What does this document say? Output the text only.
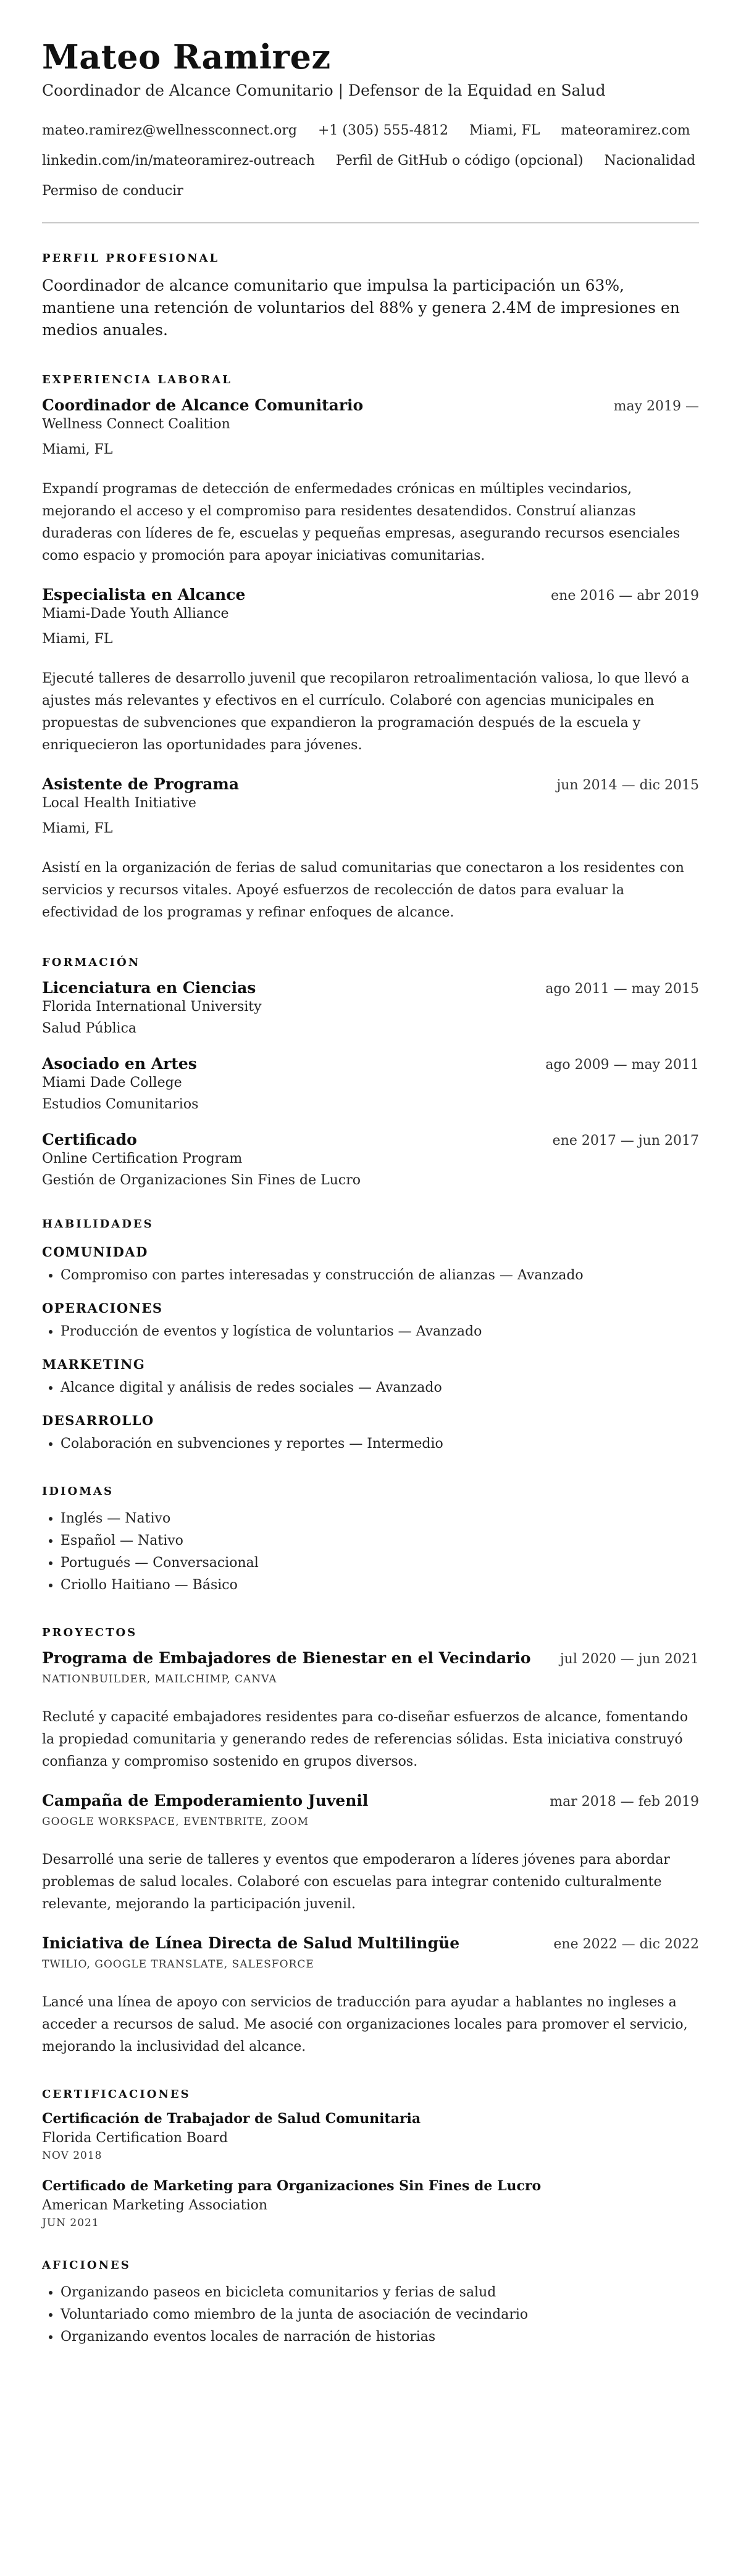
Mateo Ramirez
Coordinador de Alcance Comunitario | Defensor de la Equidad en Salud
mateo.ramirez@wellnessconnect.org +1 (305) 555-4812 Miami, FL mateoramirez.com
linkedin.com/in/mateoramirez-outreach Perfil de GitHub o código (opcional) Nacionalidad
Permiso de conducir
PERFIL PROFESIONAL
Coordinador de alcance comunitario que impulsa la participación un 63%, mantiene una retención de voluntarios del 88% y genera 2.4M de impresiones en medios anuales.
EXPERIENCIA LABORAL
Coordinador de Alcance Comunitario	may 2019 —
Wellness Connect Coalition
Miami, FL
Expandí programas de detección de enfermedades crónicas en múltiples vecindarios, mejorando el acceso y el compromiso para residentes desatendidos. Construí alianzas duraderas con líderes de fe, escuelas y pequeñas empresas, asegurando recursos esenciales como espacio y promoción para apoyar iniciativas comunitarias.
Especialista en Alcance	ene 2016 — abr 2019
Miami-Dade Youth Alliance
Miami, FL
Ejecuté talleres de desarrollo juvenil que recopilaron retroalimentación valiosa, lo que llevó a ajustes más relevantes y efectivos en el currículo. Colaboré con agencias municipales en propuestas de subvenciones que expandieron la programación después de la escuela y enriquecieron las oportunidades para jóvenes.
Asistente de Programa	jun 2014 — dic 2015
Local Health Initiative
Miami, FL
Asistí en la organización de ferias de salud comunitarias que conectaron a los residentes con servicios y recursos vitales. Apoyé esfuerzos de recolección de datos para evaluar la efectividad de los programas y refinar enfoques de alcance.
FORMACIÓN
Licenciatura en Ciencias	ago 2011 — may 2015
Florida International University
Salud Pública
Asociado en Artes	ago 2009 — may 2011
Miami Dade College
Estudios Comunitarios
Certificado	ene 2017 — jun 2017
Online Certification Program
Gestión de Organizaciones Sin Fines de Lucro
HABILIDADES
COMUNIDAD
• Compromiso con partes interesadas y construcción de alianzas — Avanzado
OPERACIONES
• Producción de eventos y logística de voluntarios — Avanzado
MARKETING
• Alcance digital y análisis de redes sociales — Avanzado
DESARROLLO
• Colaboración en subvenciones y reportes — Intermedio
IDIOMAS
• Inglés — Nativo
• Español — Nativo
• Portugués — Conversacional
• Criollo Haitiano — Básico
PROYECTOS
Programa de Embajadores de Bienestar en el Vecindario jul 2020 — jun 2021
NATIONBUILDER, MAILCHIMP, CANVA
Recluté y capacité embajadores residentes para co-diseñar esfuerzos de alcance, fomentando la propiedad comunitaria y generando redes de referencias sólidas. Esta iniciativa construyó confianza y compromiso sostenido en grupos diversos.
Campaña de Empoderamiento Juvenil	mar 2018 — feb 2019
GOOGLE WORKSPACE, EVENTBRITE, ZOOM
Desarrollé una serie de talleres y eventos que empoderaron a líderes jóvenes para abordar problemas de salud locales. Colaboré con escuelas para integrar contenido culturalmente relevante, mejorando la participación juvenil.
Iniciativa de Línea Directa de Salud Multilingüe	ene 2022 — dic 2022
TWILIO, GOOGLE TRANSLATE, SALESFORCE
Lancé una línea de apoyo con servicios de traducción para ayudar a hablantes no ingleses a acceder a recursos de salud. Me asocié con organizaciones locales para promover el servicio, mejorando la inclusividad del alcance.
CERTIFICACIONES
Certificación de Trabajador de Salud Comunitaria
Florida Certification Board
NOV 2018
Certificado de Marketing para Organizaciones Sin Fines de Lucro
American Marketing Association
JUN 2021
AFICIONES
• Organizando paseos en bicicleta comunitarios y ferias de salud
• Voluntariado como miembro de la junta de asociación de vecindario
• Organizando eventos locales de narración de historias
